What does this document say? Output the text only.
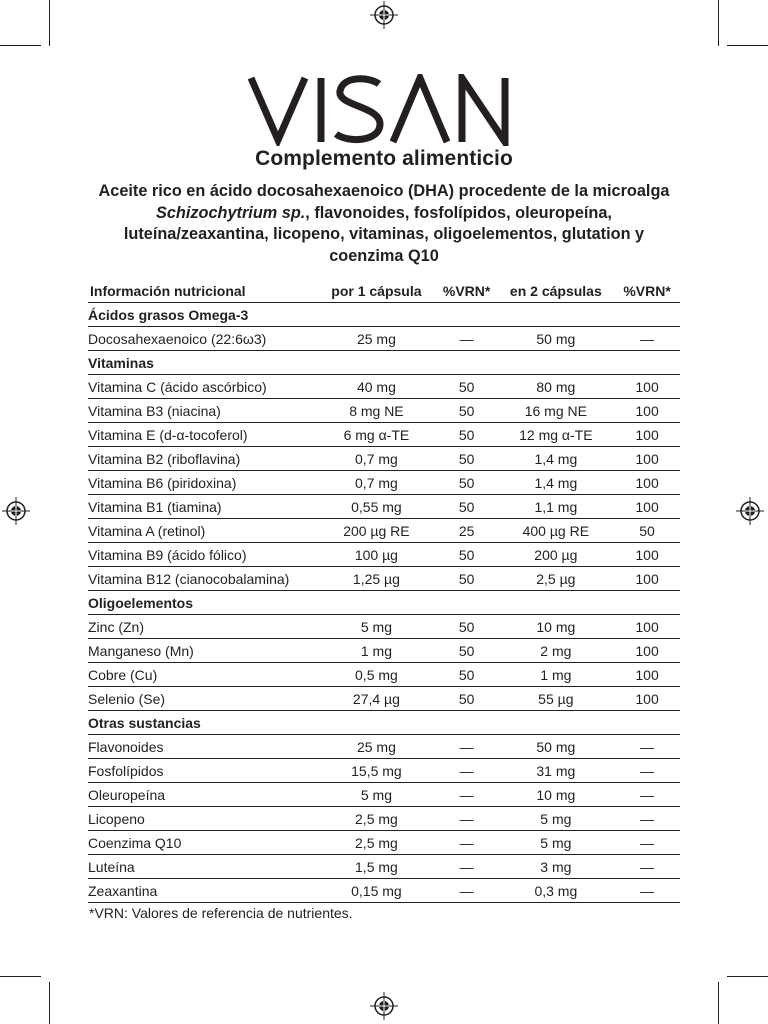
Complemento alimenticio
Aceite rico en ácido docosahexaenoico (DHA) procedente de la microalga Schizochytrium sp., flavonoides, fosfolípidos, oleuropeína, luteína/zeaxantina, licopeno, vitaminas, oligoelementos, glutation y coenzima Q10
Información nutricional	por 1 cápsula	%VRN*	en 2 cápsulas	%VRN*
Ácidos grasos Omega-3				
Docosahexaenoico (22:6ω3)	25 mg	—	50 mg	—
Vitaminas				
Vitamina C (ácido ascórbico)	40 mg	50	80 mg	100
Vitamina B3 (niacina)	8 mg NE	50	16 mg NE	100
Vitamina E (d-α-tocoferol)	6 mg α-TE	50	12 mg α-TE	100
Vitamina B2 (riboflavina)	0,7 mg	50	1,4 mg	100
Vitamina B6 (piridoxina)	0,7 mg	50	1,4 mg	100
Vitamina B1 (tiamina)	0,55 mg	50	1,1 mg	100
Vitamina A (retinol)	200 µg RE	25	400 µg RE	50
Vitamina B9 (ácido fólico)	100 µg	50	200 µg	100
Vitamina B12 (cianocobalamina)	1,25 µg	50	2,5 µg	100
Oligoelementos				
Zinc (Zn)	5 mg	50	10 mg	100
Manganeso (Mn)	1 mg	50	2 mg	100
Cobre (Cu)	0,5 mg	50	1 mg	100
Selenio (Se)	27,4 µg	50	55 µg	100
Otras sustancias				
Flavonoides	25 mg	—	50 mg	—
Fosfolípidos	15,5 mg	—	31 mg	—
Oleuropeína	5 mg	—	10 mg	—
Licopeno	2,5 mg	—	5 mg	—
Coenzima Q10	2,5 mg	—	5 mg	—
Luteína	1,5 mg	—	3 mg	—
Zeaxantina	0,15 mg	—	0,3 mg	—
*VRN: Valores de referencia de nutrientes.
